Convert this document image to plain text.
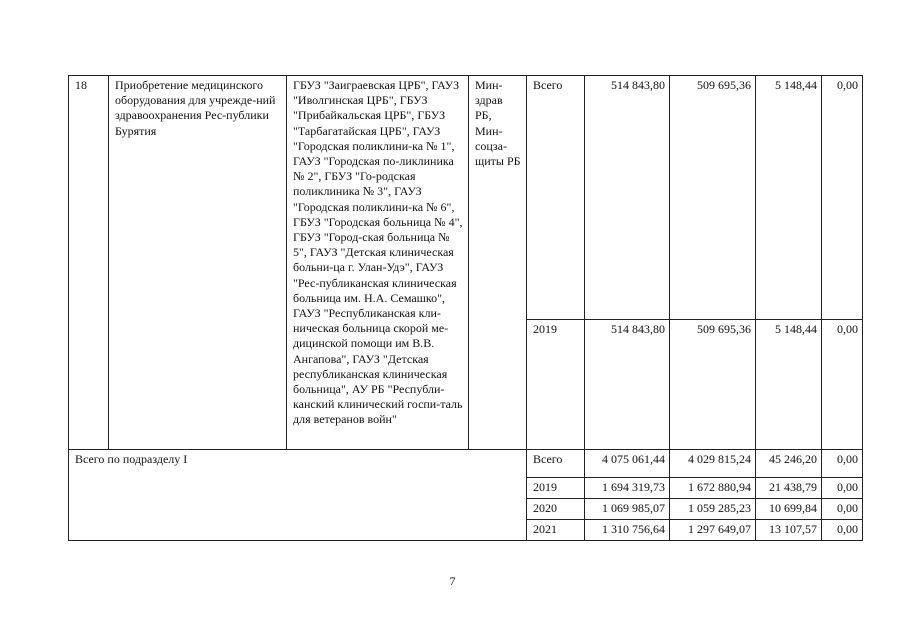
18	Приобретение медицинского оборудования для учрежде-ний здравоохранения Рес-публики Бурятия	ГБУЗ "Заиграевская ЦРБ", ГАУЗ "Иволгинская ЦРБ", ГБУЗ "Прибайкальская ЦРБ", ГБУЗ "Тарбагатайская ЦРБ", ГАУЗ "Городская поликлини-ка № 1", ГАУЗ "Городская по-ликлиника № 2", ГБУЗ "Го-родская поликлиника № 3", ГАУЗ "Городская поликлини-ка № 6", ГБУЗ "Городская больница № 4", ГБУЗ "Город-ская больница № 5", ГАУЗ "Детская клиническая больни-ца г. Улан-Удэ", ГАУЗ "Рес-публиканская клиническая больница им. Н.А. Семашко", ГАУЗ "Республиканская кли-ническая больница скорой ме-дицинской помощи им В.В. Ангапова", ГАУЗ "Детская республиканская клиническая больница", АУ РБ "Республи-канский клинический госпи-таль для ветеранов войн"	Мин-здрав РБ, Мин-соцза-щиты РБ	Всего	514 843,80	509 695,36	5 148,44	0,00
				2019	514 843,80	509 695,36	5 148,44	0,00
Всего по подразделу I				Всего	4 075 061,44	4 029 815,24	45 246,20	0,00
				2019	1 694 319,73	1 672 880,94	21 438,79	0,00
				2020	1 069 985,07	1 059 285,23	10 699,84	0,00
				2021	1 310 756,64	1 297 649,07	13 107,57	0,00
7
